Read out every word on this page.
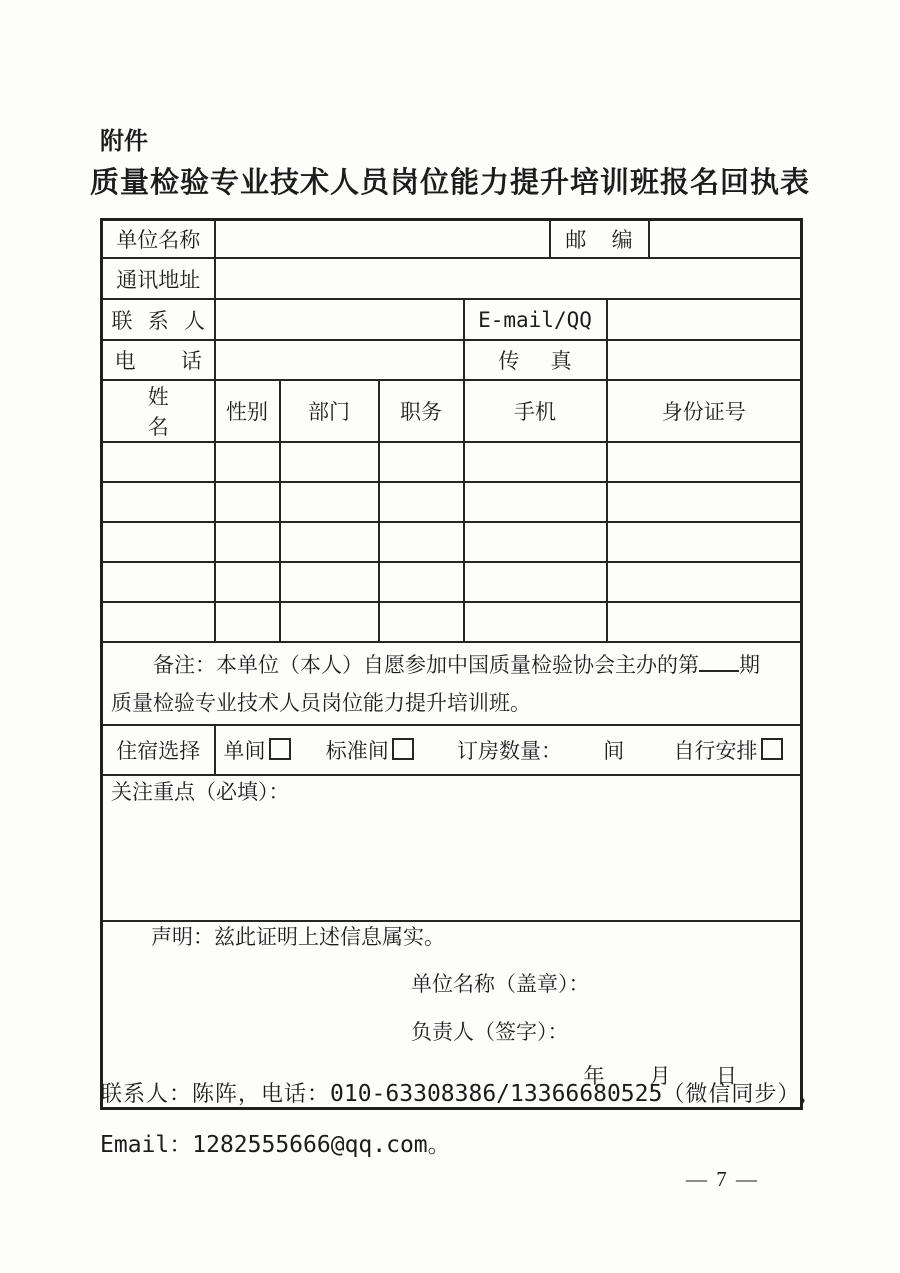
附件
质量检验专业技术人员岗位能力提升培训班报名回执表
单位名称					邮 编		
通讯地址							
联 系 人				E-mail/QQ			
电 话				传 真			
姓 名	性别	部门	职务	手机		身份证号	

备注：本单位（本人）自愿参加中国质量检验协会主办的第 期
质量检验专业技术人员岗位能力提升培训班。							

住宿选择	单间 标准间 订房数量： 间 自行安排						
关注重点（必填）：							

声明：兹此证明上述信息属实。
单位名称（盖章）：
负责人（签字）：
年 月 日							
联系人：陈阵，电话：010-63308386/13366680525（微信同步）,
Email：1282555666@qq.com。
— 7 —
